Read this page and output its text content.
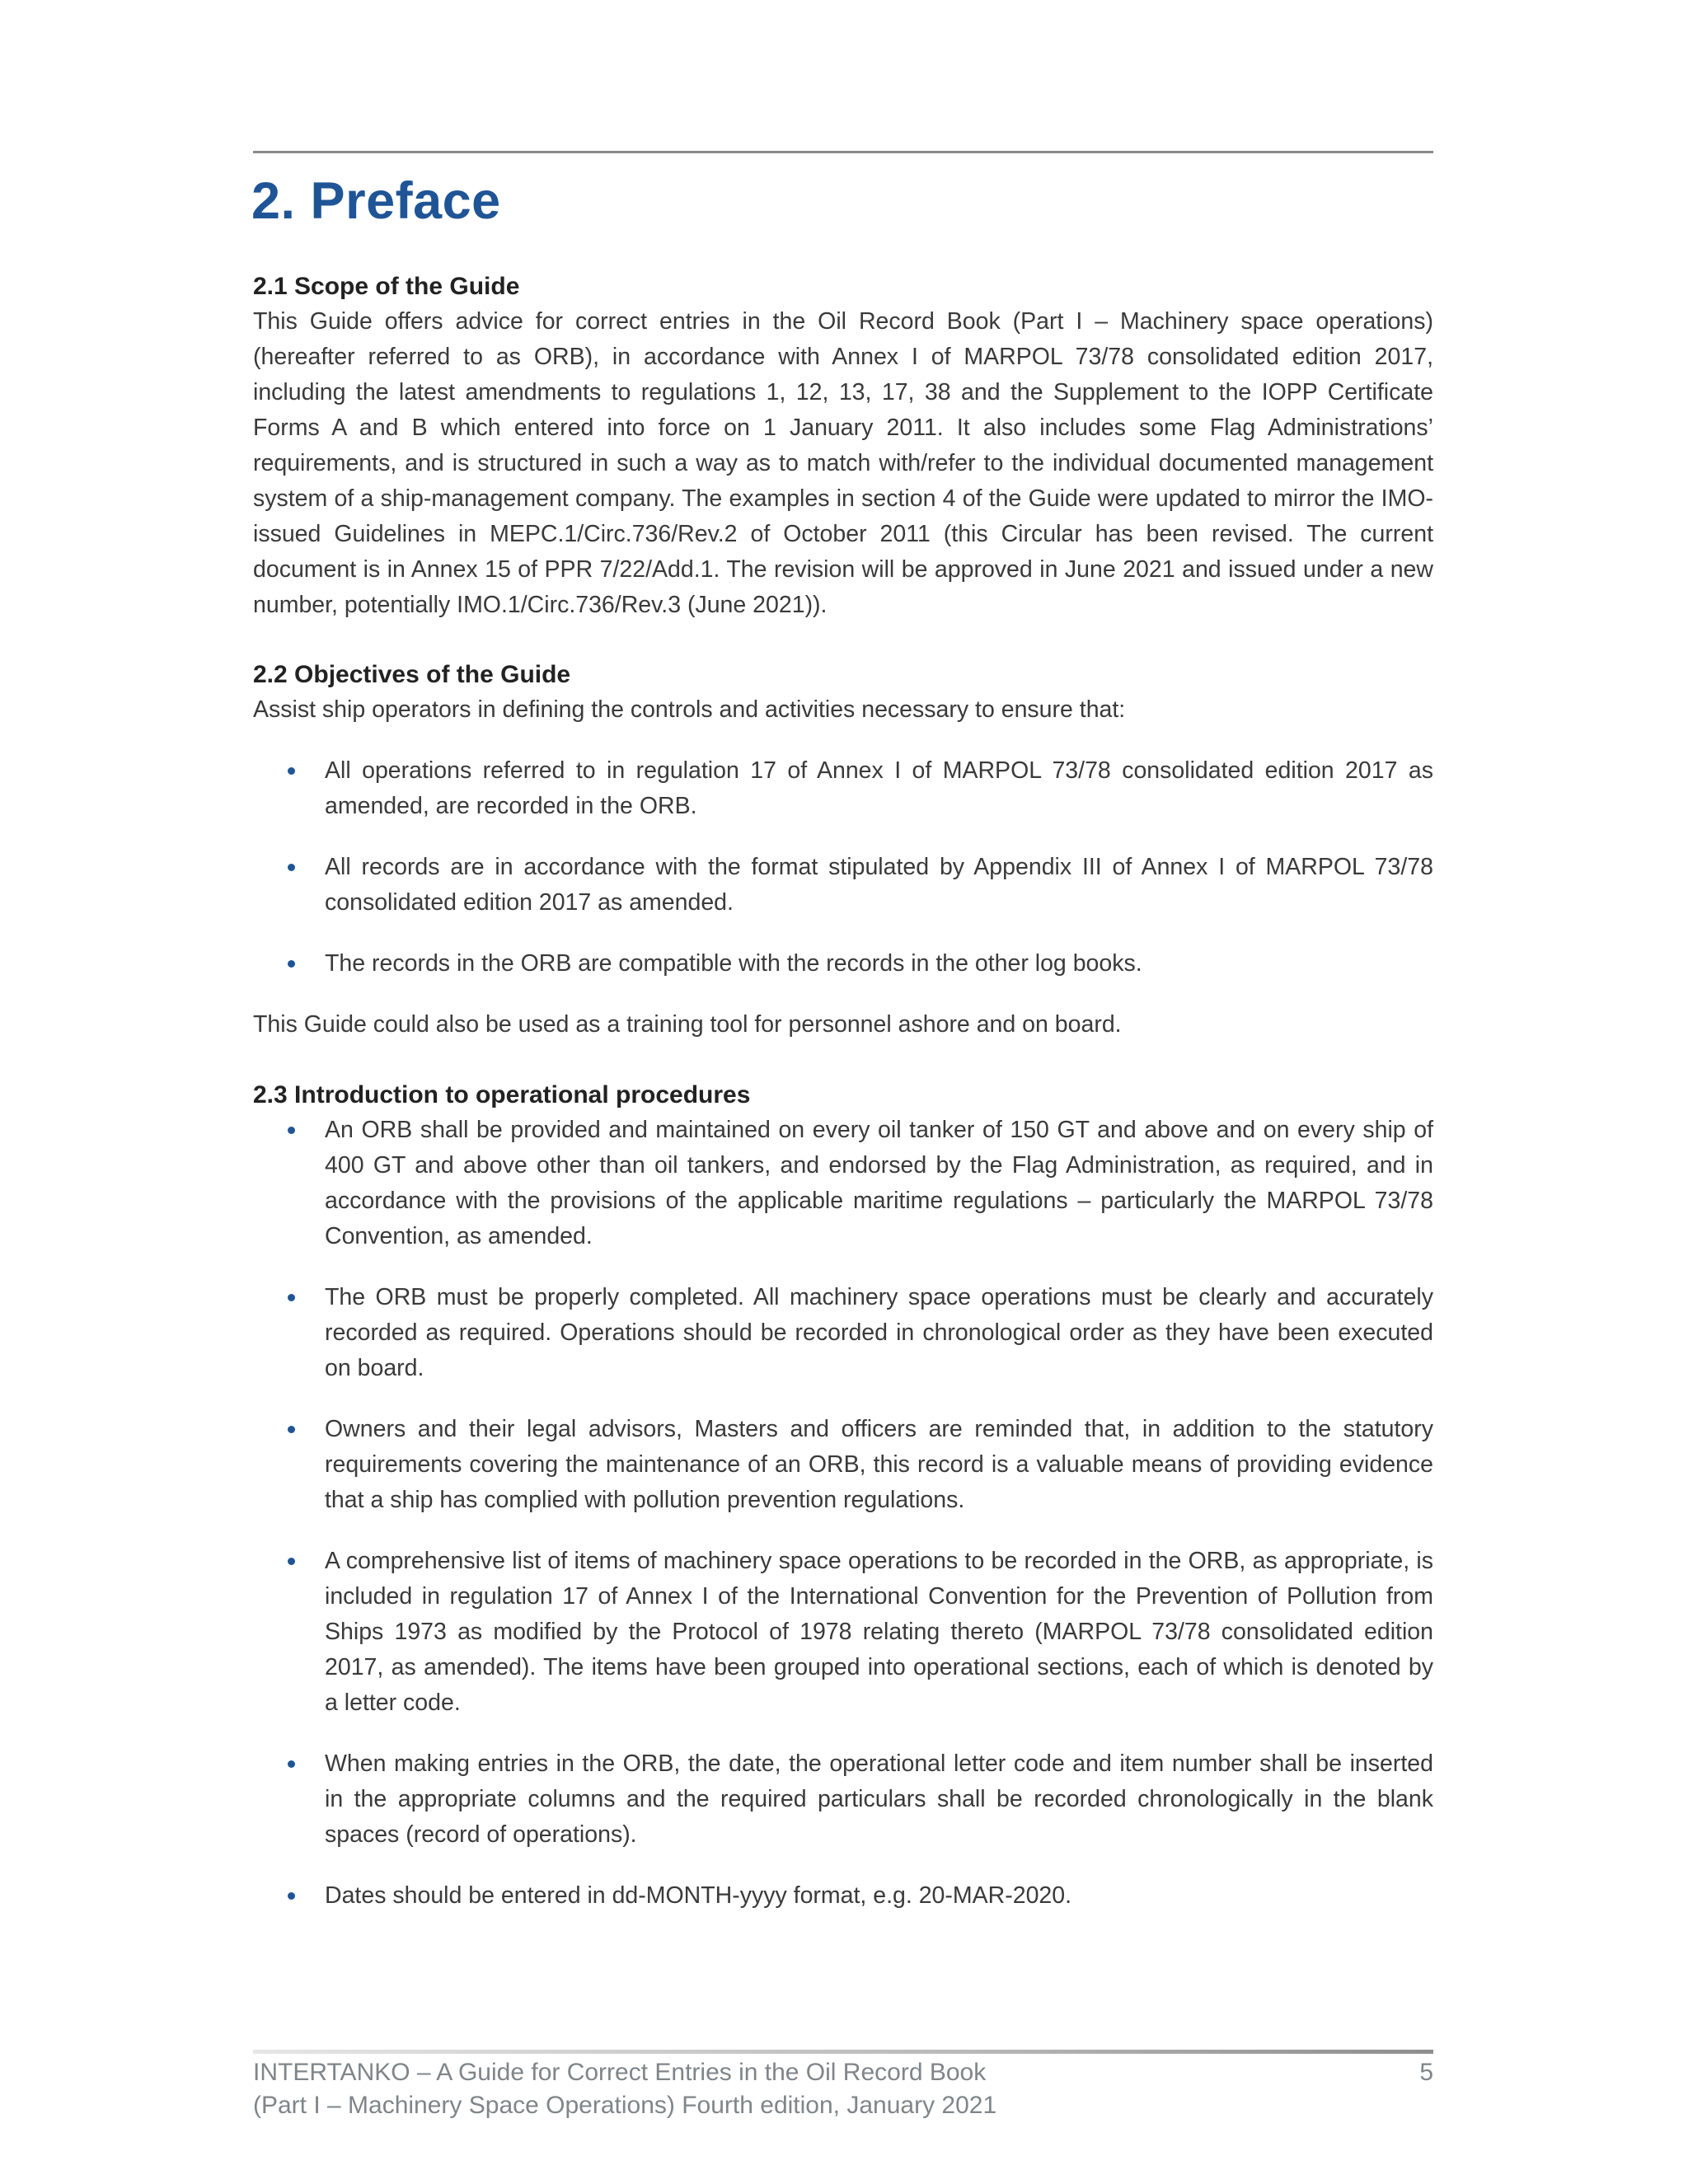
2. Preface
2.1 Scope of the Guide

This Guide offers advice for correct entries in the Oil Record Book (Part I – Machinery space operations) (hereafter referred to as ORB), in accordance with Annex I of MARPOL 73/78 consolidated edition 2017, including the latest amendments to regulations 1, 12, 13, 17, 38 and the Supplement to the IOPP Certificate Forms A and B which entered into force on 1 January 2011. It also includes some Flag Administrations’ requirements, and is structured in such a way as to match with/refer to the individual documented management system of a ship-management company. The examples in section 4 of the Guide were updated to mirror the IMO-issued Guidelines in MEPC.1/Circ.736/Rev.2 of October 2011 (this Circular has been revised. The current document is in Annex 15 of PPR 7/22/Add.1. The revision will be approved in June 2021 and issued under a new number, potentially IMO.1/Circ.736/Rev.3 (June 2021)).

2.2 Objectives of the Guide

Assist ship operators in defining the controls and activities necessary to ensure that:

All operations referred to in regulation 17 of Annex I of MARPOL 73/78 consolidated edition 2017 as amended, are recorded in the ORB.
All records are in accordance with the format stipulated by Appendix III of Annex I of MARPOL 73/78 consolidated edition 2017 as amended.
The records in the ORB are compatible with the records in the other log books.

This Guide could also be used as a training tool for personnel ashore and on board.

2.3 Introduction to operational procedures
An ORB shall be provided and maintained on every oil tanker of 150 GT and above and on every ship of 400 GT and above other than oil tankers, and endorsed by the Flag Administration, as required, and in accordance with the provisions of the applicable maritime regulations – particularly the MARPOL 73/78 Convention, as amended.
The ORB must be properly completed. All machinery space operations must be clearly and accurately recorded as required. Operations should be recorded in chronological order as they have been executed on board.
Owners and their legal advisors, Masters and officers are reminded that, in addition to the statutory requirements covering the maintenance of an ORB, this record is a valuable means of providing evidence that a ship has complied with pollution prevention regulations.
A comprehensive list of items of machinery space operations to be recorded in the ORB, as appropriate, is included in regulation 17 of Annex I of the International Convention for the Prevention of Pollution from Ships 1973 as modified by the Protocol of 1978 relating thereto (MARPOL 73/78 consolidated edition 2017, as amended). The items have been grouped into operational sections, each of which is denoted by a letter code.
When making entries in the ORB, the date, the operational letter code and item number shall be inserted in the appropriate columns and the required particulars shall be recorded chronologically in the blank spaces (record of operations).
Dates should be entered in dd-MONTH-yyyy format, e.g. 20-MAR-2020.
INTERTANKO – A Guide for Correct Entries in the Oil Record Book
(Part I – Machinery Space Operations) Fourth edition, January 2021
5
